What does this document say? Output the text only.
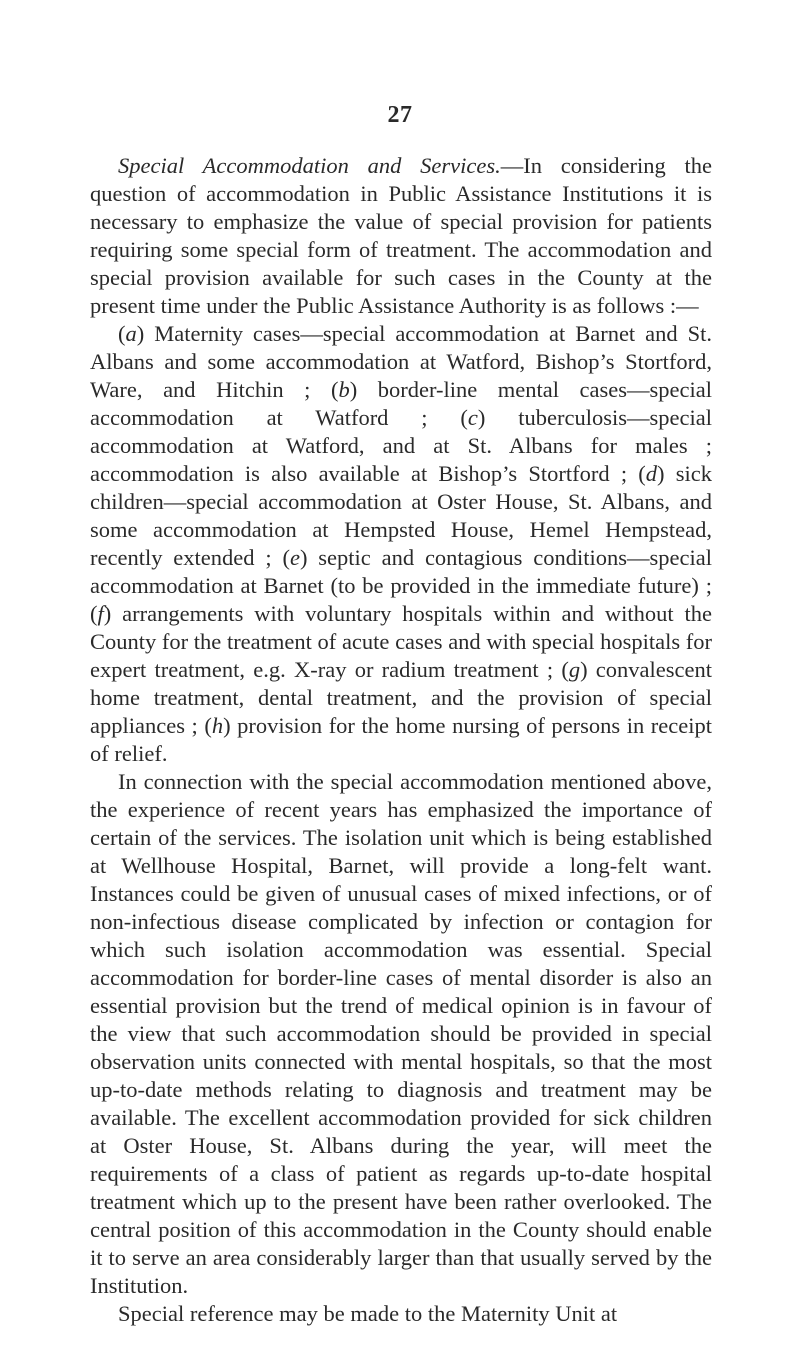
27

Special Accommodation and Services.—In considering the question of accommodation in Public Assistance Institutions it is necessary to emphasize the value of special provision for patients requiring some special form of treatment. The accommodation and special provision available for such cases in the County at the present time under the Public Assistance Authority is as follows :—

(a) Maternity cases—special accommodation at Barnet and St. Albans and some accommodation at Watford, Bishop’s Stortford, Ware, and Hitchin ; (b) border-line mental cases—special accommodation at Watford ; (c) tuberculosis—special accommodation at Watford, and at St. Albans for males ; accommodation is also available at Bishop’s Stortford ; (d) sick children—special accommodation at Oster House, St. Albans, and some accommodation at Hempsted House, Hemel Hempstead, recently extended ; (e) septic and contagious conditions—special accommodation at Barnet (to be provided in the immediate future) ; (f) arrangements with voluntary hospitals within and without the County for the treatment of acute cases and with special hospitals for expert treatment, e.g. X-ray or radium treatment ; (g) convalescent home treatment, dental treatment, and the provision of special appliances ; (h) provision for the home nursing of persons in receipt of relief.

In connection with the special accommodation mentioned above, the experience of recent years has emphasized the importance of certain of the services. The isolation unit which is being established at Wellhouse Hospital, Barnet, will provide a long-felt want. Instances could be given of unusual cases of mixed infections, or of non-infectious disease complicated by infection or contagion for which such isolation accommodation was essential. Special accommodation for border-line cases of mental disorder is also an essential provision but the trend of medical opinion is in favour of the view that such accommodation should be provided in special observation units connected with mental hospitals, so that the most up-to-date methods relating to diagnosis and treatment may be available. The excellent accommodation provided for sick children at Oster House, St. Albans during the year, will meet the requirements of a class of patient as regards up-to-date hospital treatment which up to the present have been rather overlooked. The central position of this accommodation in the County should enable it to serve an area considerably larger than that usually served by the Institution.

Special reference may be made to the Maternity Unit at
